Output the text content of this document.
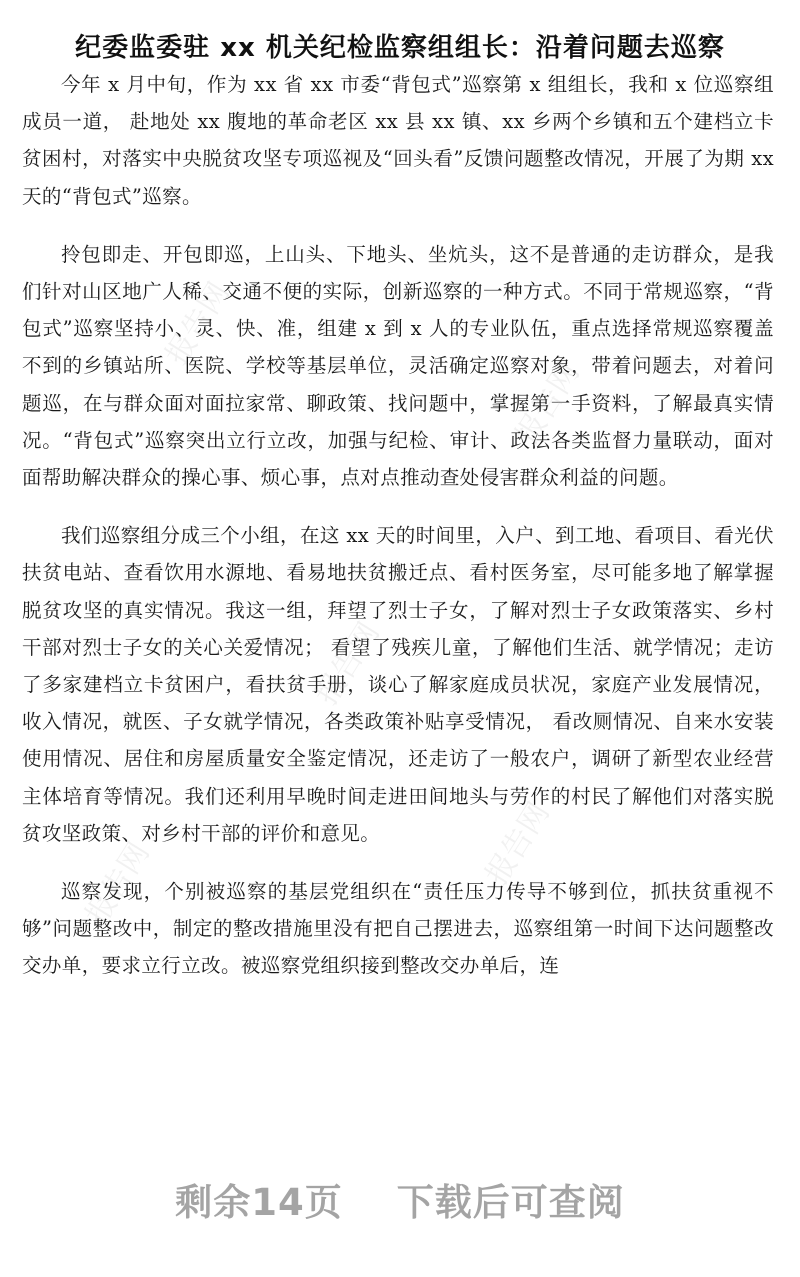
纪委监委驻 xx 机关纪检监察组组长：沿着问题去巡察

今年 x 月中旬，作为 xx 省 xx 市委“背包式”巡察第 x 组组长，我和 x 位巡察组成员一道， 赴地处 xx 腹地的革命老区 xx 县 xx 镇、xx 乡两个乡镇和五个建档立卡贫困村，对落实中央脱贫攻坚专项巡视及“回头看”反馈问题整改情况，开展了为期 xx 天的“背包式”巡察。

拎包即走、开包即巡，上山头、下地头、坐炕头，这不是普通的走访群众，是我们针对山区地广人稀、交通不便的实际，创新巡察的一种方式。不同于常规巡察，“背包式”巡察坚持小、灵、快、准，组建 x 到 x 人的专业队伍，重点选择常规巡察覆盖不到的乡镇站所、医院、学校等基层单位，灵活确定巡察对象，带着问题去，对着问题巡，在与群众面对面拉家常、聊政策、找问题中，掌握第一手资料，了解最真实情况。“背包式”巡察突出立行立改，加强与纪检、审计、政法各类监督力量联动，面对面帮助解决群众的操心事、烦心事，点对点推动查处侵害群众利益的问题。

我们巡察组分成三个小组，在这 xx 天的时间里，入户、到工地、看项目、看光伏扶贫电站、查看饮用水源地、看易地扶贫搬迁点、看村医务室，尽可能多地了解掌握脱贫攻坚的真实情况。我这一组，拜望了烈士子女，了解对烈士子女政策落实、乡村干部对烈士子女的关心关爱情况； 看望了残疾儿童，了解他们生活、就学情况；走访了多家建档立卡贫困户，看扶贫手册，谈心了解家庭成员状况，家庭产业发展情况，收入情况，就医、子女就学情况，各类政策补贴享受情况， 看改厕情况、自来水安装使用情况、居住和房屋质量安全鉴定情况，还走访了一般农户，调研了新型农业经营主体培育等情况。我们还利用早晚时间走进田间地头与劳作的村民了解他们对落实脱贫攻坚政策、对乡村干部的评价和意见。

巡察发现，个别被巡察的基层党组织在“责任压力传导不够到位，抓扶贫重视不够”问题整改中，制定的整改措施里没有把自己摆进去，巡察组第一时间下达问题整改交办单，要求立行立改。被巡察党组织接到整改交办单后，连

报告网
报告网
报告网
报告网	报告网
剩余14页 下载后可查阅
